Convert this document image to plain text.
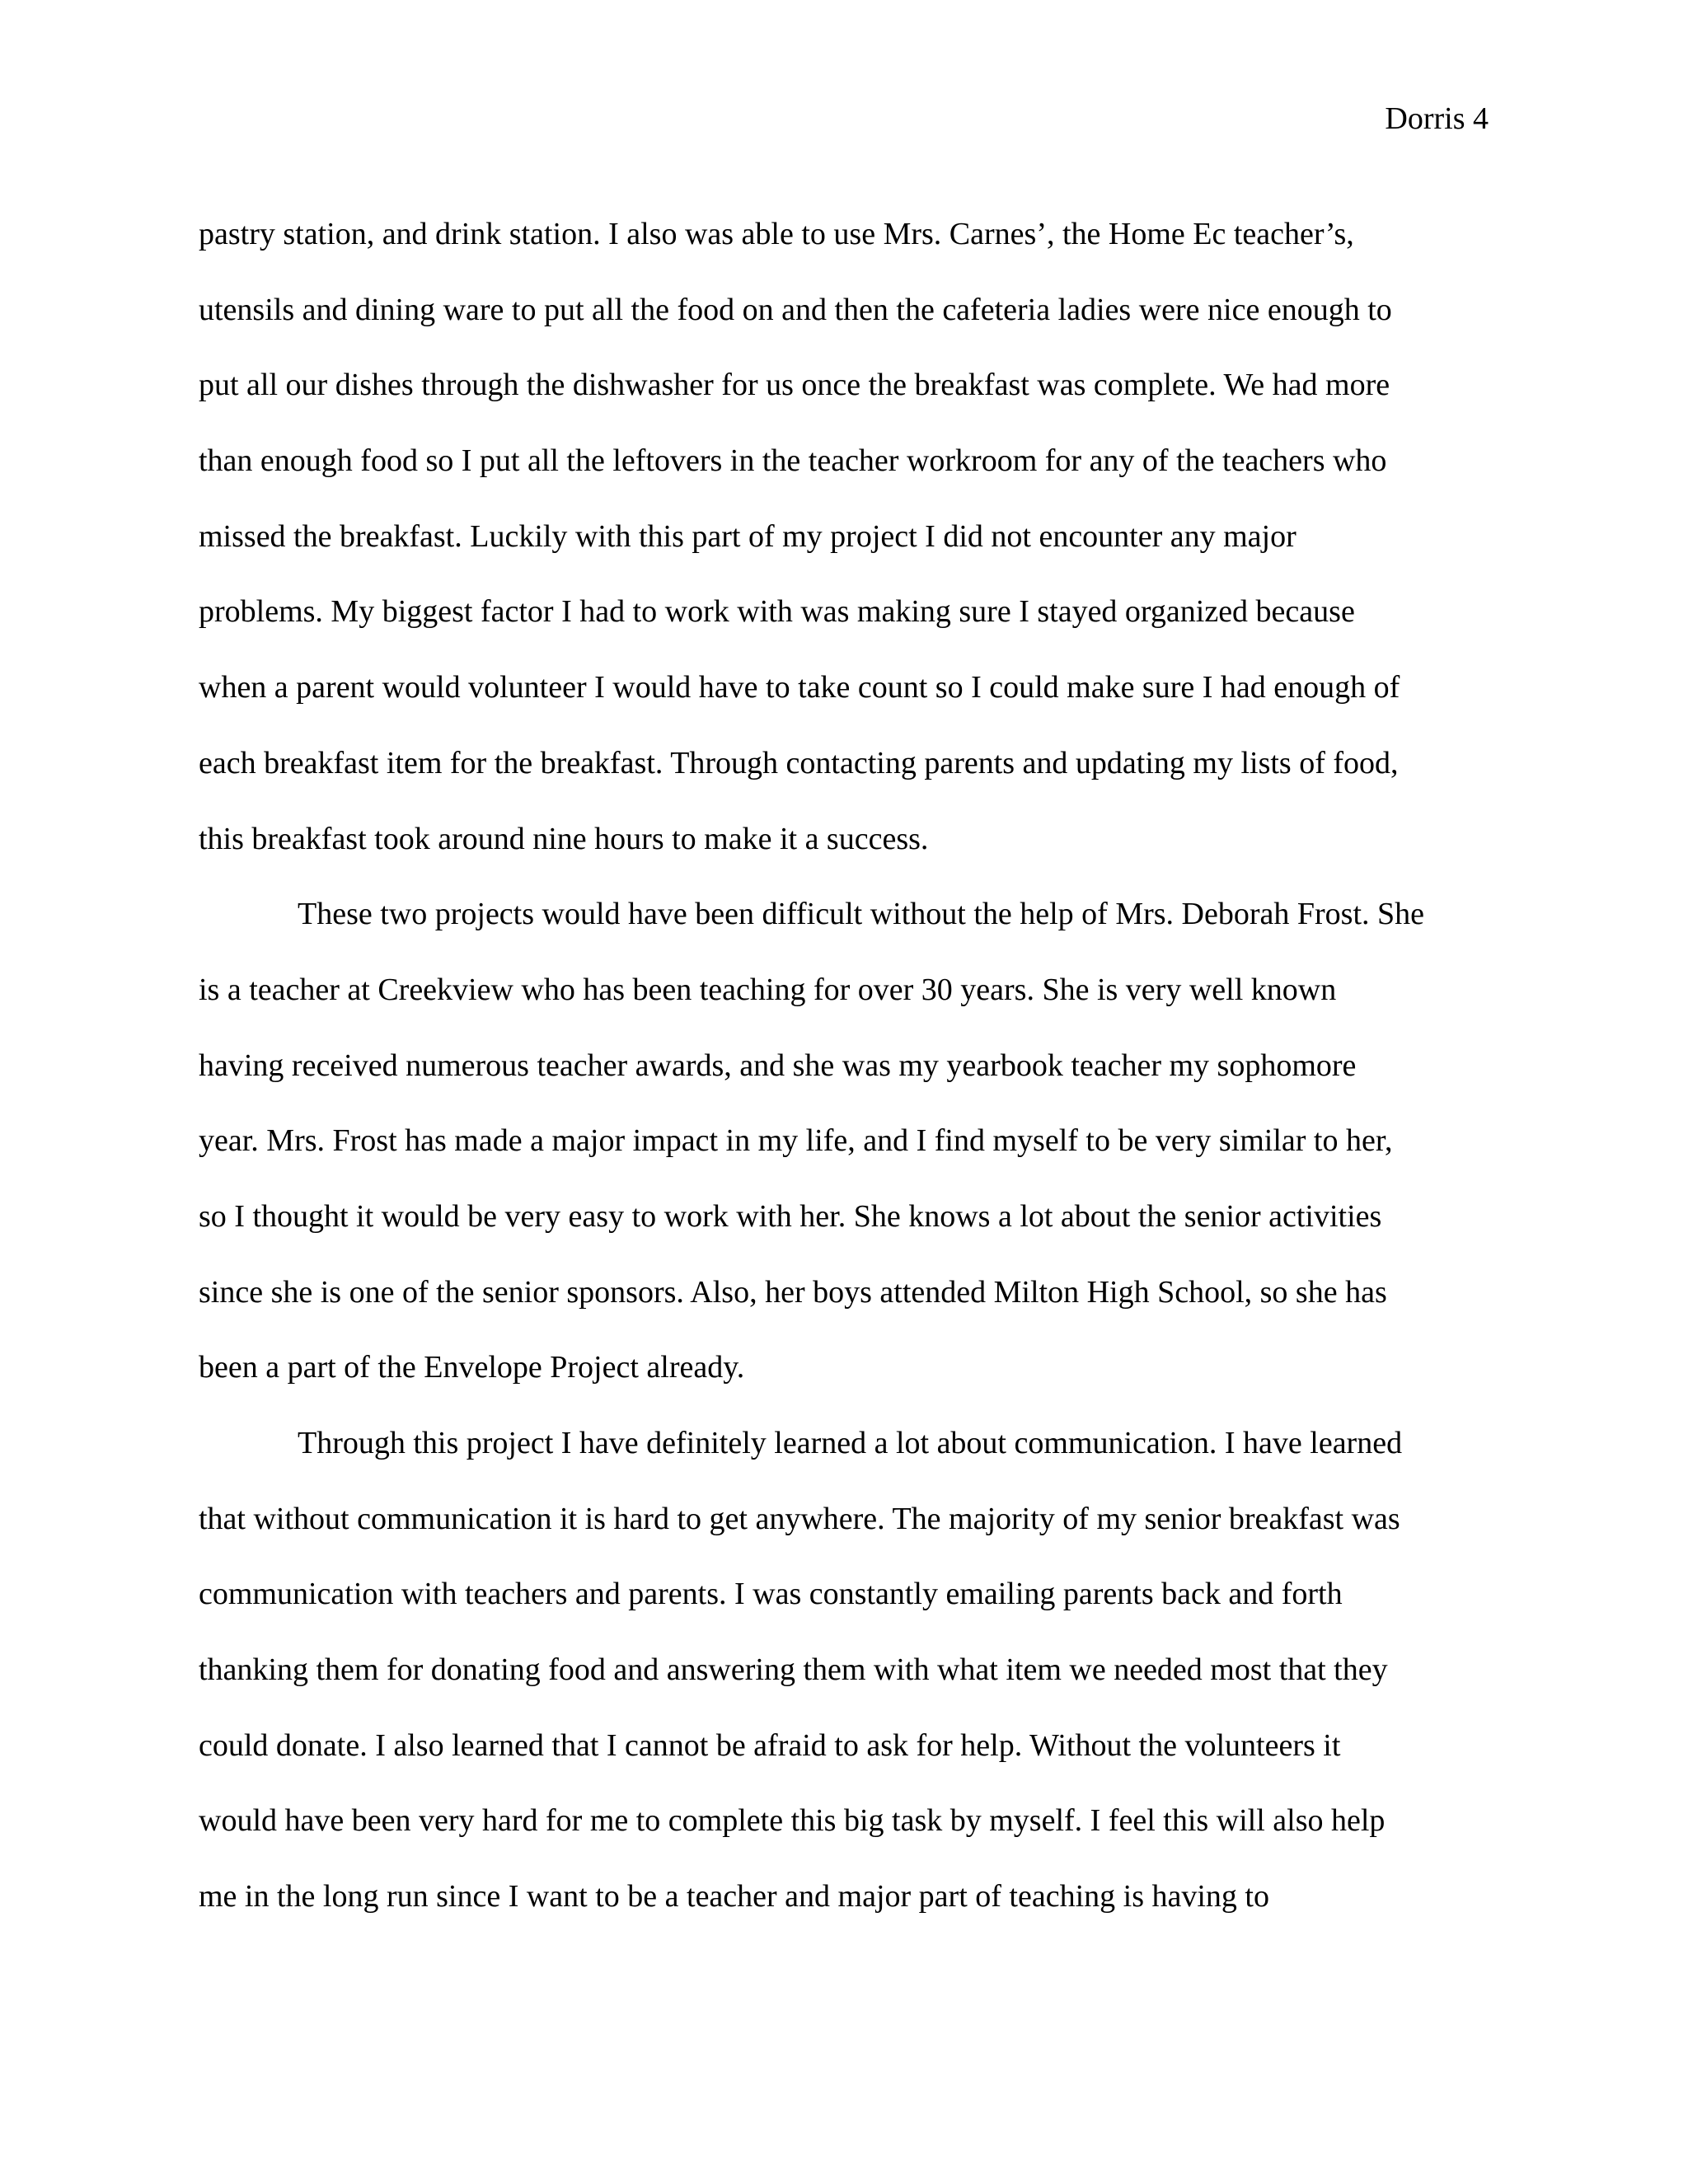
Dorris 4
pastry station, and drink station. I also was able to use Mrs. Carnes’, the Home Ec teacher’s,
utensils and dining ware to put all the food on and then the cafeteria ladies were nice enough to
put all our dishes through the dishwasher for us once the breakfast was complete. We had more
than enough food so I put all the leftovers in the teacher workroom for any of the teachers who
missed the breakfast. Luckily with this part of my project I did not encounter any major
problems. My biggest factor I had to work with was making sure I stayed organized because
when a parent would volunteer I would have to take count so I could make sure I had enough of
each breakfast item for the breakfast. Through contacting parents and updating my lists of food,
this breakfast took around nine hours to make it a success.
These two projects would have been difficult without the help of Mrs. Deborah Frost. She
is a teacher at Creekview who has been teaching for over 30 years. She is very well known
having received numerous teacher awards, and she was my yearbook teacher my sophomore
year. Mrs. Frost has made a major impact in my life, and I find myself to be very similar to her,
so I thought it would be very easy to work with her. She knows a lot about the senior activities
since she is one of the senior sponsors. Also, her boys attended Milton High School, so she has
been a part of the Envelope Project already.
Through this project I have definitely learned a lot about communication. I have learned
that without communication it is hard to get anywhere. The majority of my senior breakfast was
communication with teachers and parents. I was constantly emailing parents back and forth
thanking them for donating food and answering them with what item we needed most that they
could donate. I also learned that I cannot be afraid to ask for help. Without the volunteers it
would have been very hard for me to complete this big task by myself. I feel this will also help
me in the long run since I want to be a teacher and major part of teaching is having to
